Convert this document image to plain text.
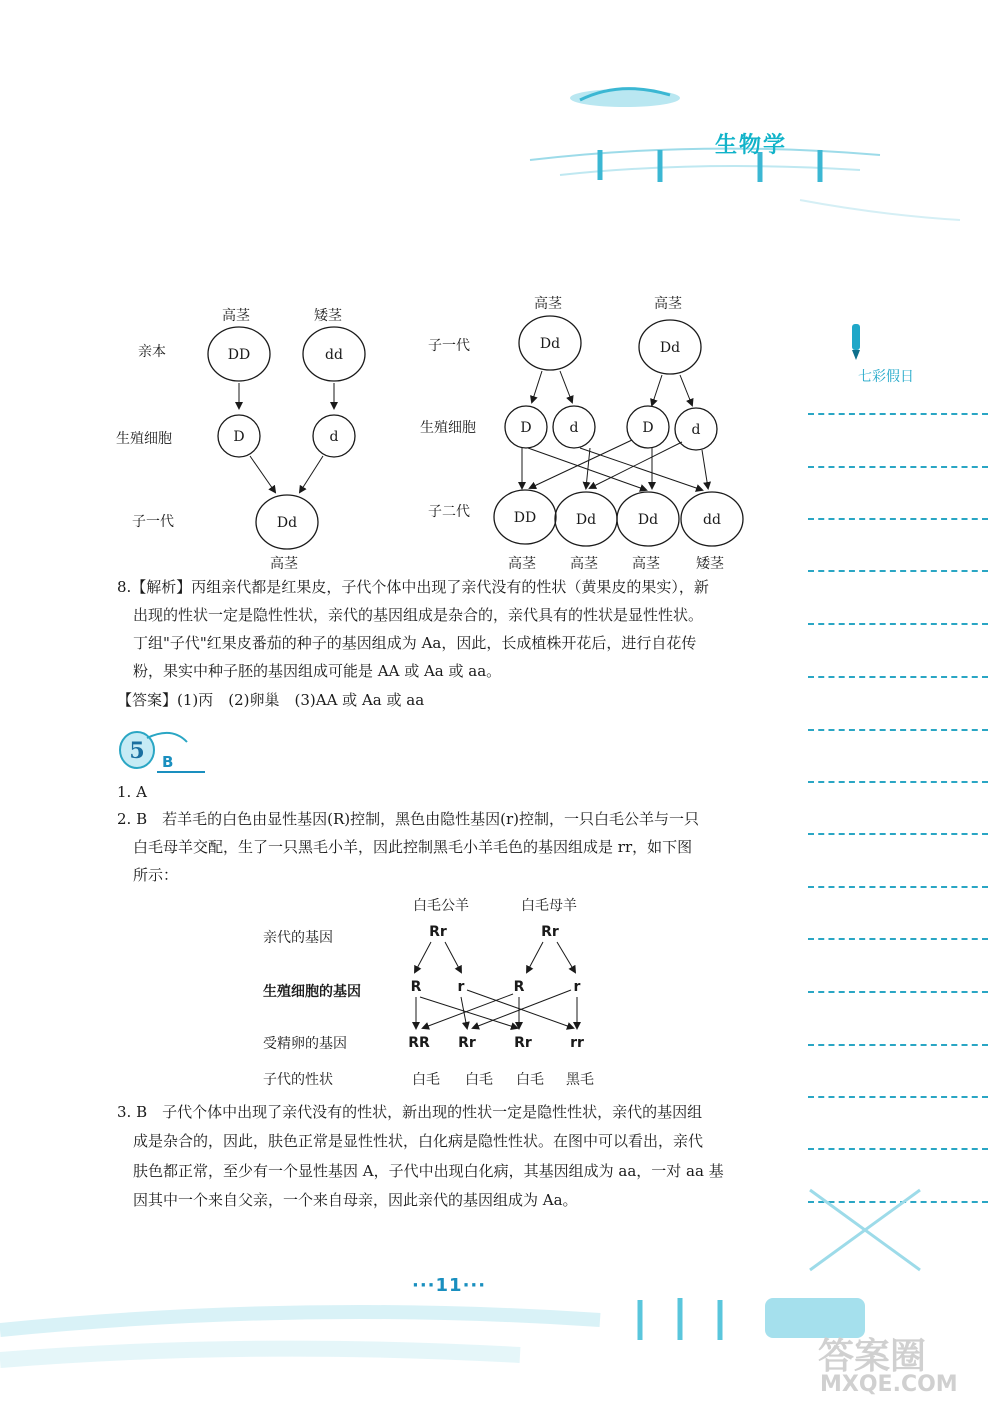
生物学
七彩假日
亲本
生殖细胞
子一代
高茎	矮茎
DD	dd
D	d
Dd
高茎
子一代
生殖细胞
子二代
高茎	高茎
Dd	Dd
D	d	D	d
DD	Dd	Dd	dd
高茎 高茎 高茎	矮茎
8.【解析】丙组亲代都是红果皮，子代个体中出现了亲代没有的性状（黄果皮的果实），新
出现的性状一定是隐性性状，亲代的基因组成是杂合的，亲代具有的性状是显性性状。
丁组"子代"红果皮番茄的种子的基因组成为 Aa，因此，长成植株开花后，进行自花传
粉，果实中种子胚的基因组成可能是 AA 或 Aa 或 aa。
【答案】(1)丙　(2)卵巢　(3)AA 或 Aa 或 aa
5 B
1. A
2. B　若羊毛的白色由显性基因(R)控制，黑色由隐性基因(r)控制，一只白毛公羊与一只
白毛母羊交配，生了一只黑毛小羊，因此控制黑毛小羊毛色的基因组成是 rr，如下图
所示：
白毛公羊	白毛母羊
亲代的基因
生殖细胞的基因
受精卵的基因
子代的性状
Rr	Rr
R	r	R	r
RR Rr	Rr	rr
白毛 白毛 白毛 黑毛
3. B　子代个体中出现了亲代没有的性状，新出现的性状一定是隐性性状，亲代的基因组
成是杂合的，因此，肤色正常是显性性状，白化病是隐性性状。在图中可以看出，亲代
肤色都正常，至少有一个显性基因 A，子代中出现白化病，其基因组成为 aa，一对 aa 基
因其中一个来自父亲，一个来自母亲，因此亲代的基因组成为 Aa。
···11···
答案圈
MXQE.COM
